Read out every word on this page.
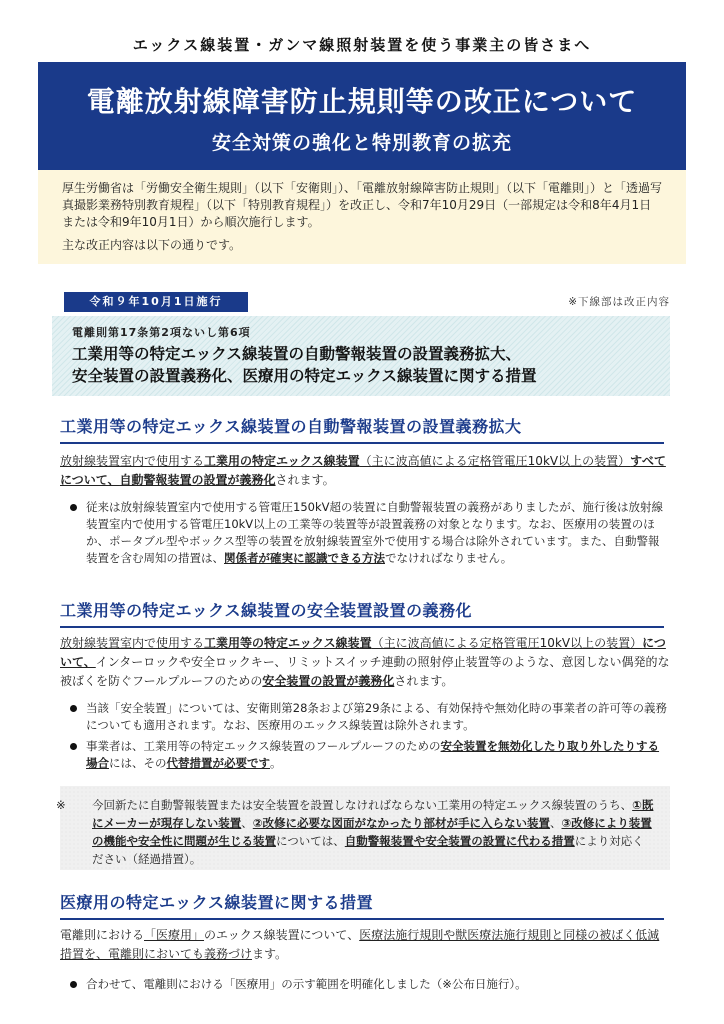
エックス線装置・ガンマ線照射装置を使う事業主の皆さまへ
電離放射線障害防止規則等の改正について
安全対策の強化と特別教育の拡充

厚生労働省は「労働安全衛生規則」（以下「安衛則」）、「電離放射線障害防止規則」（以下「電離則」）と「透過写真撮影業務特別教育規程」（以下「特別教育規程」）を改正し、令和7年10月29日（一部規定は令和8年4月1日または令和9年10月1日）から順次施行します。

主な改正内容は以下の通りです。

令和９年10月1日施行	※下線部は改正内容
電離則第17条第2項ないし第6項
工業用等の特定エックス線装置の自動警報装置の設置義務拡大、
安全装置の設置義務化、医療用の特定エックス線装置に関する措置
工業用等の特定エックス線装置の自動警報装置の設置義務拡大
放射線装置室内で使用する工業用の特定エックス線装置（主に波高値による定格管電圧10kV以上の装置）すべてについて、自動警報装置の設置が義務化されます。
従来は放射線装置室内で使用する管電圧150kV超の装置に自動警報装置の義務がありましたが、施行後は放射線装置室内で使用する管電圧10kV以上の工業等の装置等が設置義務の対象となります。なお、医療用の装置のほか、ポータブル型やボックス型等の装置を放射線装置室外で使用する場合は除外されています。また、自動警報装置を含む周知の措置は、関係者が確実に認識できる方法でなければなりません。
工業用等の特定エックス線装置の安全装置設置の義務化
放射線装置室内で使用する工業用等の特定エックス線装置（主に波高値による定格管電圧10kV以上の装置）について、インターロックや安全ロックキー、リミットスイッチ連動の照射停止装置等のような、意図しない偶発的な被ばくを防ぐフールプルーフのための安全装置の設置が義務化されます。
当該「安全装置」については、安衛則第28条および第29条による、有効保持や無効化時の事業者の許可等の義務についても適用されます。なお、医療用のエックス線装置は除外されます。
事業者は、工業用等の特定エックス線装置のフールプルーフのための安全装置を無効化したり取り外したりする場合には、その代替措置が必要です。

※ 今回新たに自動警報装置または安全装置を設置しなければならない工業用の特定エックス線装置のうち、①既にメーカーが現存しない装置、②改修に必要な図面がなかったり部材が手に入らない装置、③改修により装置の機能や安全性に問題が生じる装置については、自動警報装置や安全装置の設置に代わる措置により対応ください（経過措置）。

医療用の特定エックス線装置に関する措置
電離則における「医療用」のエックス線装置について、医療法施行規則や獣医療法施行規則と同様の被ばく低減措置を、電離則においても義務づけます。
合わせて、電離則における「医療用」の示す範囲を明確化しました（※公布日施行）。
